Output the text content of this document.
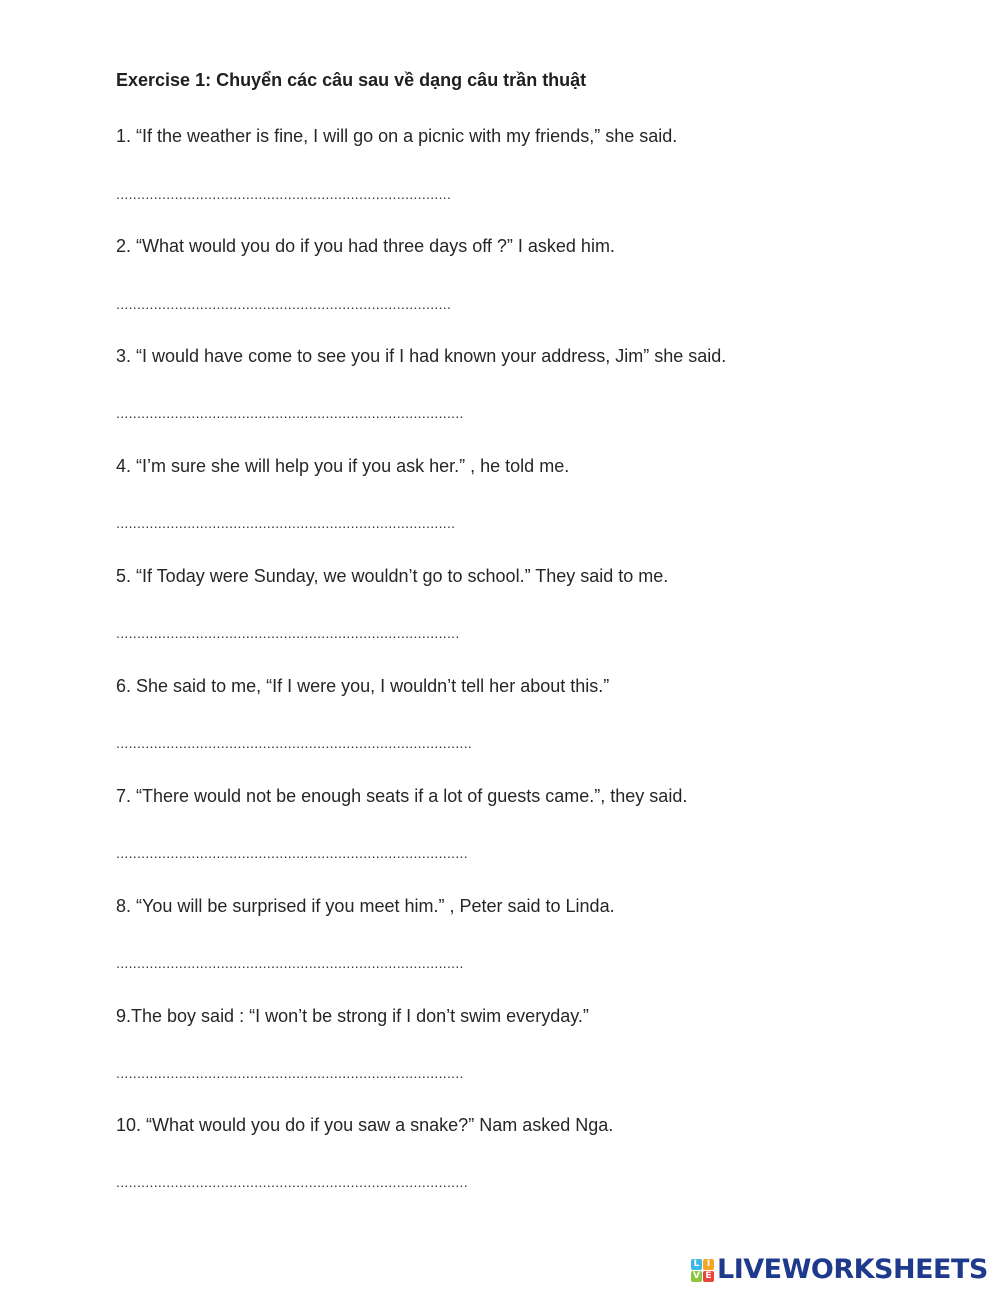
Exercise 1: Chuyển các câu sau về dạng câu trần thuật
1. “If the weather is fine, I will go on a picnic with my friends,” she said.
................................................................................
2. “What would you do if you had three days off ?” I asked him.
................................................................................
3. “I would have come to see you if I had known your address, Jim” she said.
...................................................................................
4. “I’m sure she will help you if you ask her.” , he told me.
.................................................................................
5. “If Today were Sunday, we wouldn’t go to school.” They said to me.
..................................................................................
6. She said to me, “If I were you, I wouldn’t tell her about this.”
.....................................................................................
7. “There would not be enough seats if a lot of guests came.”, they said.
....................................................................................
8. “You will be surprised if you meet him.” , Peter said to Linda.
...................................................................................
9.The boy said : “I won’t be strong if I don’t swim everyday.”
...................................................................................
10. “What would you do if you saw a snake?” Nam asked Nga.
....................................................................................
L I
V E LIVEWORKSHEETS
